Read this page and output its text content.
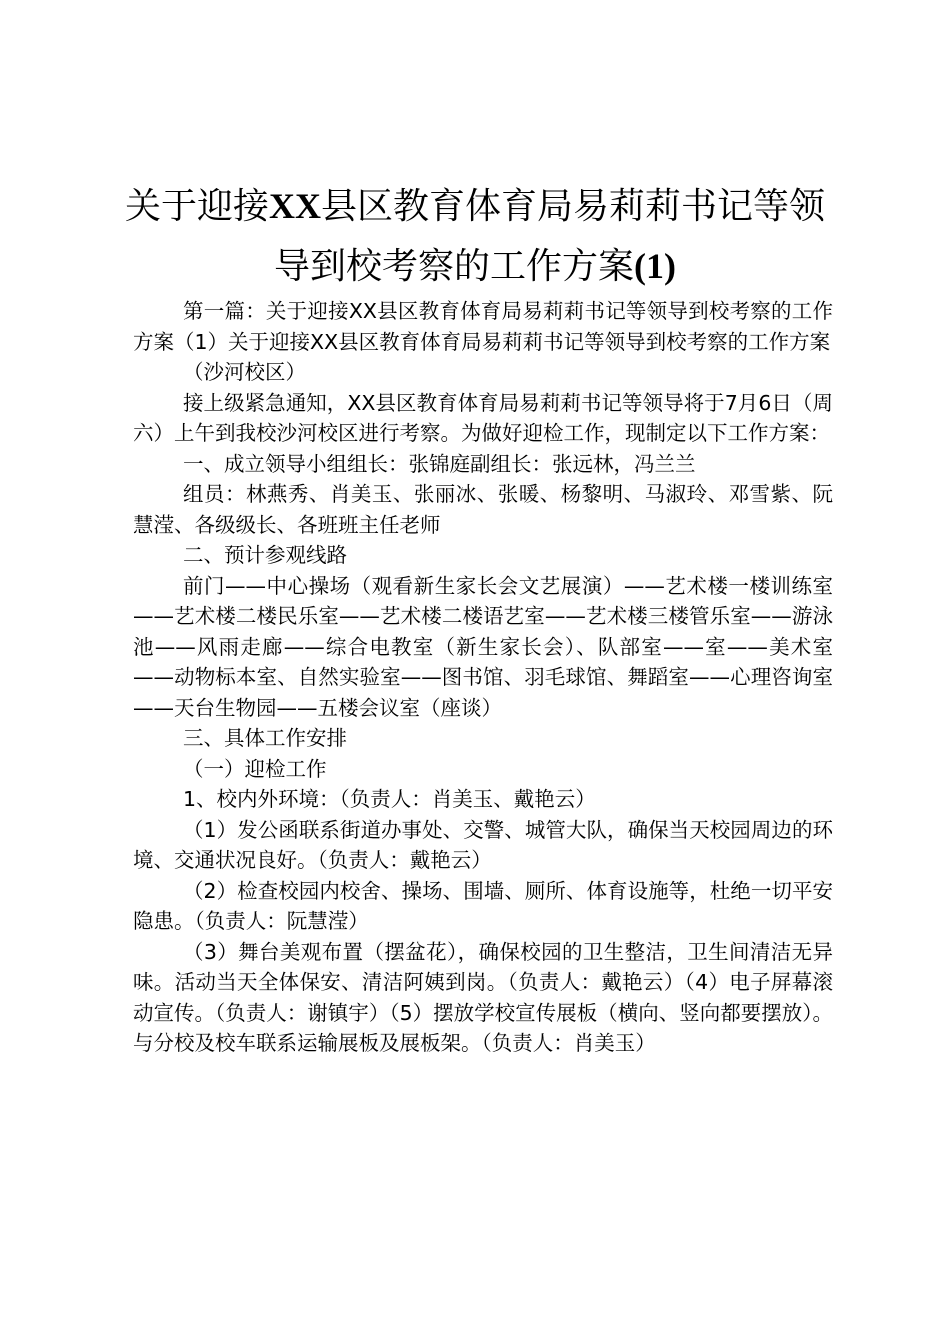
关于迎接XX县区教育体育局易莉莉书记等领
导到校考察的工作方案(1)

第一篇：关于迎接XX县区教育体育局易莉莉书记等领导到校考察的工作方案（1）关于迎接XX县区教育体育局易莉莉书记等领导到校考察的工作方案

（沙河校区）

接上级紧急通知，XX县区教育体育局易莉莉书记等领导将于7月6日（周六）上午到我校沙河校区进行考察。为做好迎检工作，现制定以下工作方案：

一、成立领导小组组长：张锦庭副组长：张远林，冯兰兰

组员：林燕秀、肖美玉、张丽冰、张暖、杨黎明、马淑玲、邓雪紫、阮慧滢、各级级长、各班班主任老师

二、预计参观线路

前门——中心操场（观看新生家长会文艺展演）——艺术楼一楼训练室——艺术楼二楼民乐室——艺术楼二楼语艺室——艺术楼三楼管乐室——游泳池——风雨走廊——综合电教室（新生家长会）、队部室——室——美术室——动物标本室、自然实验室——图书馆、羽毛球馆、舞蹈室——心理咨询室——天台生物园——五楼会议室（座谈）

三、具体工作安排

（一）迎检工作

1、校内外环境：（负责人：肖美玉、戴艳云）

（1）发公函联系街道办事处、交警、城管大队，确保当天校园周边的环境、交通状况良好。（负责人：戴艳云）

（2）检查校园内校舍、操场、围墙、厕所、体育设施等，杜绝一切平安隐患。（负责人：阮慧滢）

（3）舞台美观布置（摆盆花），确保校园的卫生整洁，卫生间清洁无异味。活动当天全体保安、清洁阿姨到岗。（负责人：戴艳云）（4）电子屏幕滚动宣传。（负责人：谢镇宇）（5）摆放学校宣传展板（横向、竖向都要摆放）。与分校及校车联系运输展板及展板架。（负责人：肖美玉）
